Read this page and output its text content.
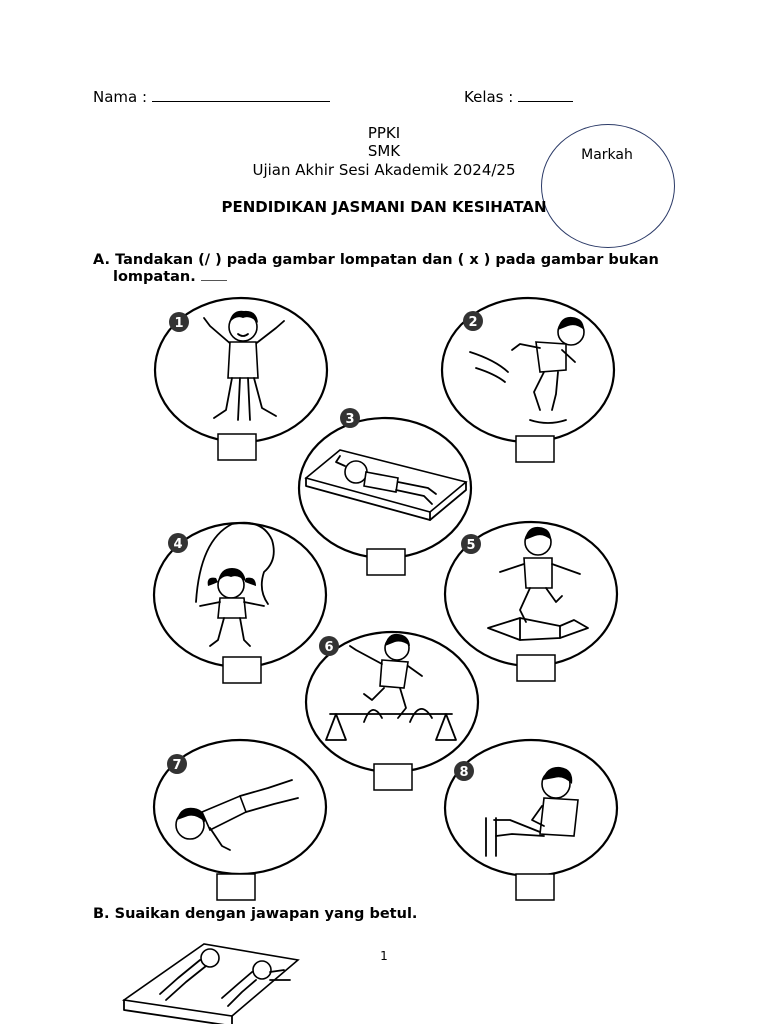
Nama :	Kelas :
PPKI
SMK
Ujian Akhir Sesi Akademik 2024/25
Markah
PENDIDIKAN JASMANI DAN KESIHATAN
A. Tandakan (/ ) pada gambar lompatan dan ( x ) pada gambar bukan
lompatan.
1	2
3
4	5
6
7	8
B. Suaikan dengan jawapan yang betul.
1
